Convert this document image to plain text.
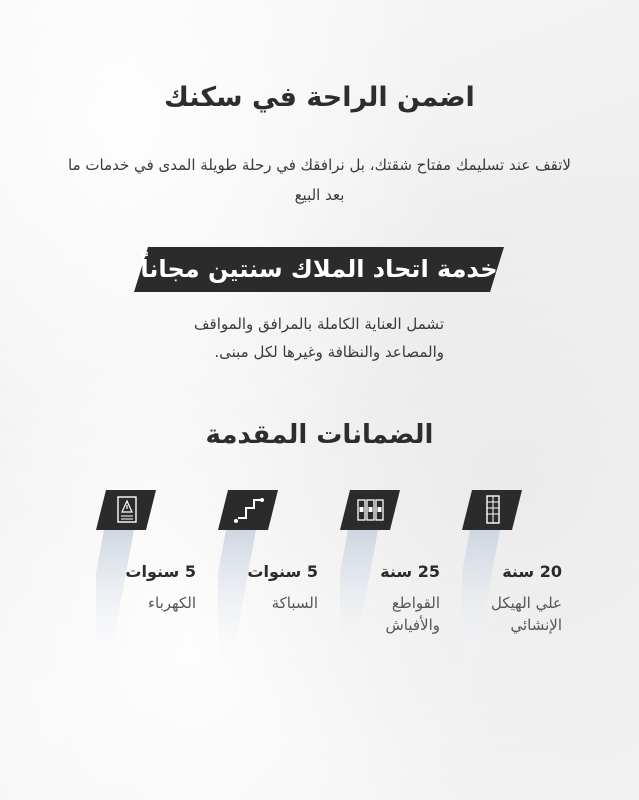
اضمن الراحة في سكنك
لاتقف عند تسليمك مفتاح شقتك، بل نرافقك في رحلة طويلة المدى في خدمات ما بعد البيع
خدمة اتحاد الملاك سنتين مجاناً
تشمل العناية الكاملة بالمرافق والمواقف والمصاعد والنظافة وغيرها لكل مبنى.
الضمانات المقدمة
20 سنة
علي الهيكل الإنشائي
25 سنة
القواطع والأفياش
5 سنوات
السباكة
5 سنوات
الكهرباء
